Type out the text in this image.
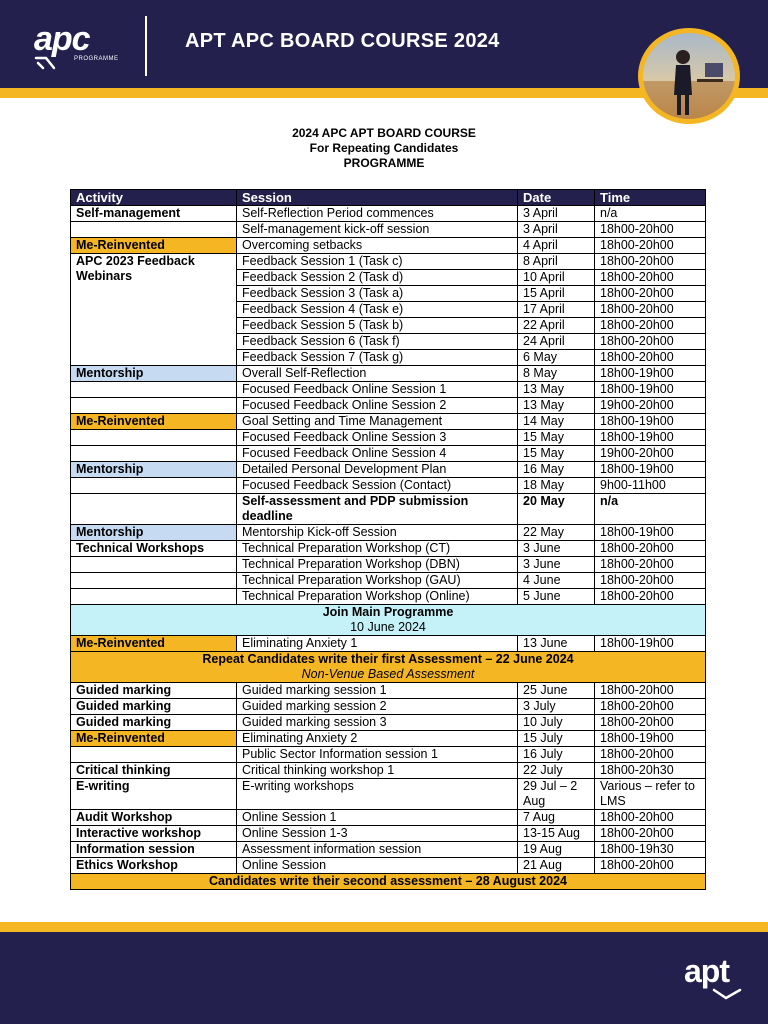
apc
PROGRAMME
APT APC BOARD COURSE 2024
2024 APC APT BOARD COURSE
For Repeating Candidates
PROGRAMME
Activity	Session	Date	Time
Self-management	Self-Reflection Period commences	3 April	n/a
	Self-management kick-off session	3 April	18h00-20h00
Me-Reinvented	Overcoming setbacks	4 April	18h00-20h00
APC 2023 Feedback Webinars	Feedback Session 1 (Task c)	8 April	18h00-20h00
	Feedback Session 2 (Task d)	10 April	18h00-20h00
	Feedback Session 3 (Task a)	15 April	18h00-20h00
	Feedback Session 4 (Task e)	17 April	18h00-20h00
	Feedback Session 5 (Task b)	22 April	18h00-20h00
	Feedback Session 6 (Task f)	24 April	18h00-20h00
	Feedback Session 7 (Task g)	6 May	18h00-20h00
Mentorship	Overall Self-Reflection	8 May	18h00-19h00
	Focused Feedback Online Session 1	13 May	18h00-19h00
	Focused Feedback Online Session 2	13 May	19h00-20h00
Me-Reinvented	Goal Setting and Time Management	14 May	18h00-19h00
	Focused Feedback Online Session 3	15 May	18h00-19h00
	Focused Feedback Online Session 4	15 May	19h00-20h00
Mentorship	Detailed Personal Development Plan	16 May	18h00-19h00
	Focused Feedback Session (Contact)	18 May	9h00-11h00
	Self-assessment and PDP submission deadline	20 May	n/a
Mentorship	Mentorship Kick-off Session	22 May	18h00-19h00
Technical Workshops	Technical Preparation Workshop (CT)	3 June	18h00-20h00
	Technical Preparation Workshop (DBN)	3 June	18h00-20h00
	Technical Preparation Workshop (GAU)	4 June	18h00-20h00
	Technical Preparation Workshop (Online)	5 June	18h00-20h00

Join Main Programme
10 June 2024			

Me-Reinvented	Eliminating Anxiety 1	13 June	18h00-19h00

Repeat Candidates write their first Assessment – 22 June 2024
Non-Venue Based Assessment			

Guided marking	Guided marking session 1	25 June	18h00-20h00
Guided marking	Guided marking session 2	3 July	18h00-20h00
Guided marking	Guided marking session 3	10 July	18h00-20h00
Me-Reinvented	Eliminating Anxiety 2	15 July	18h00-19h00
	Public Sector Information session 1	16 July	18h00-20h00
Critical thinking	Critical thinking workshop 1	22 July	18h00-20h30
E-writing	E-writing workshops	29 Jul – 2 Aug	Various – refer to LMS
Audit Workshop	Online Session 1	7 Aug	18h00-20h00
Interactive workshop	Online Session 1-3	13-15 Aug	18h00-20h00
Information session	Assessment information session	19 Aug	18h00-19h30
Ethics Workshop	Online Session	21 Aug	18h00-20h00
Candidates write their second assessment – 28 August 2024			
apt
